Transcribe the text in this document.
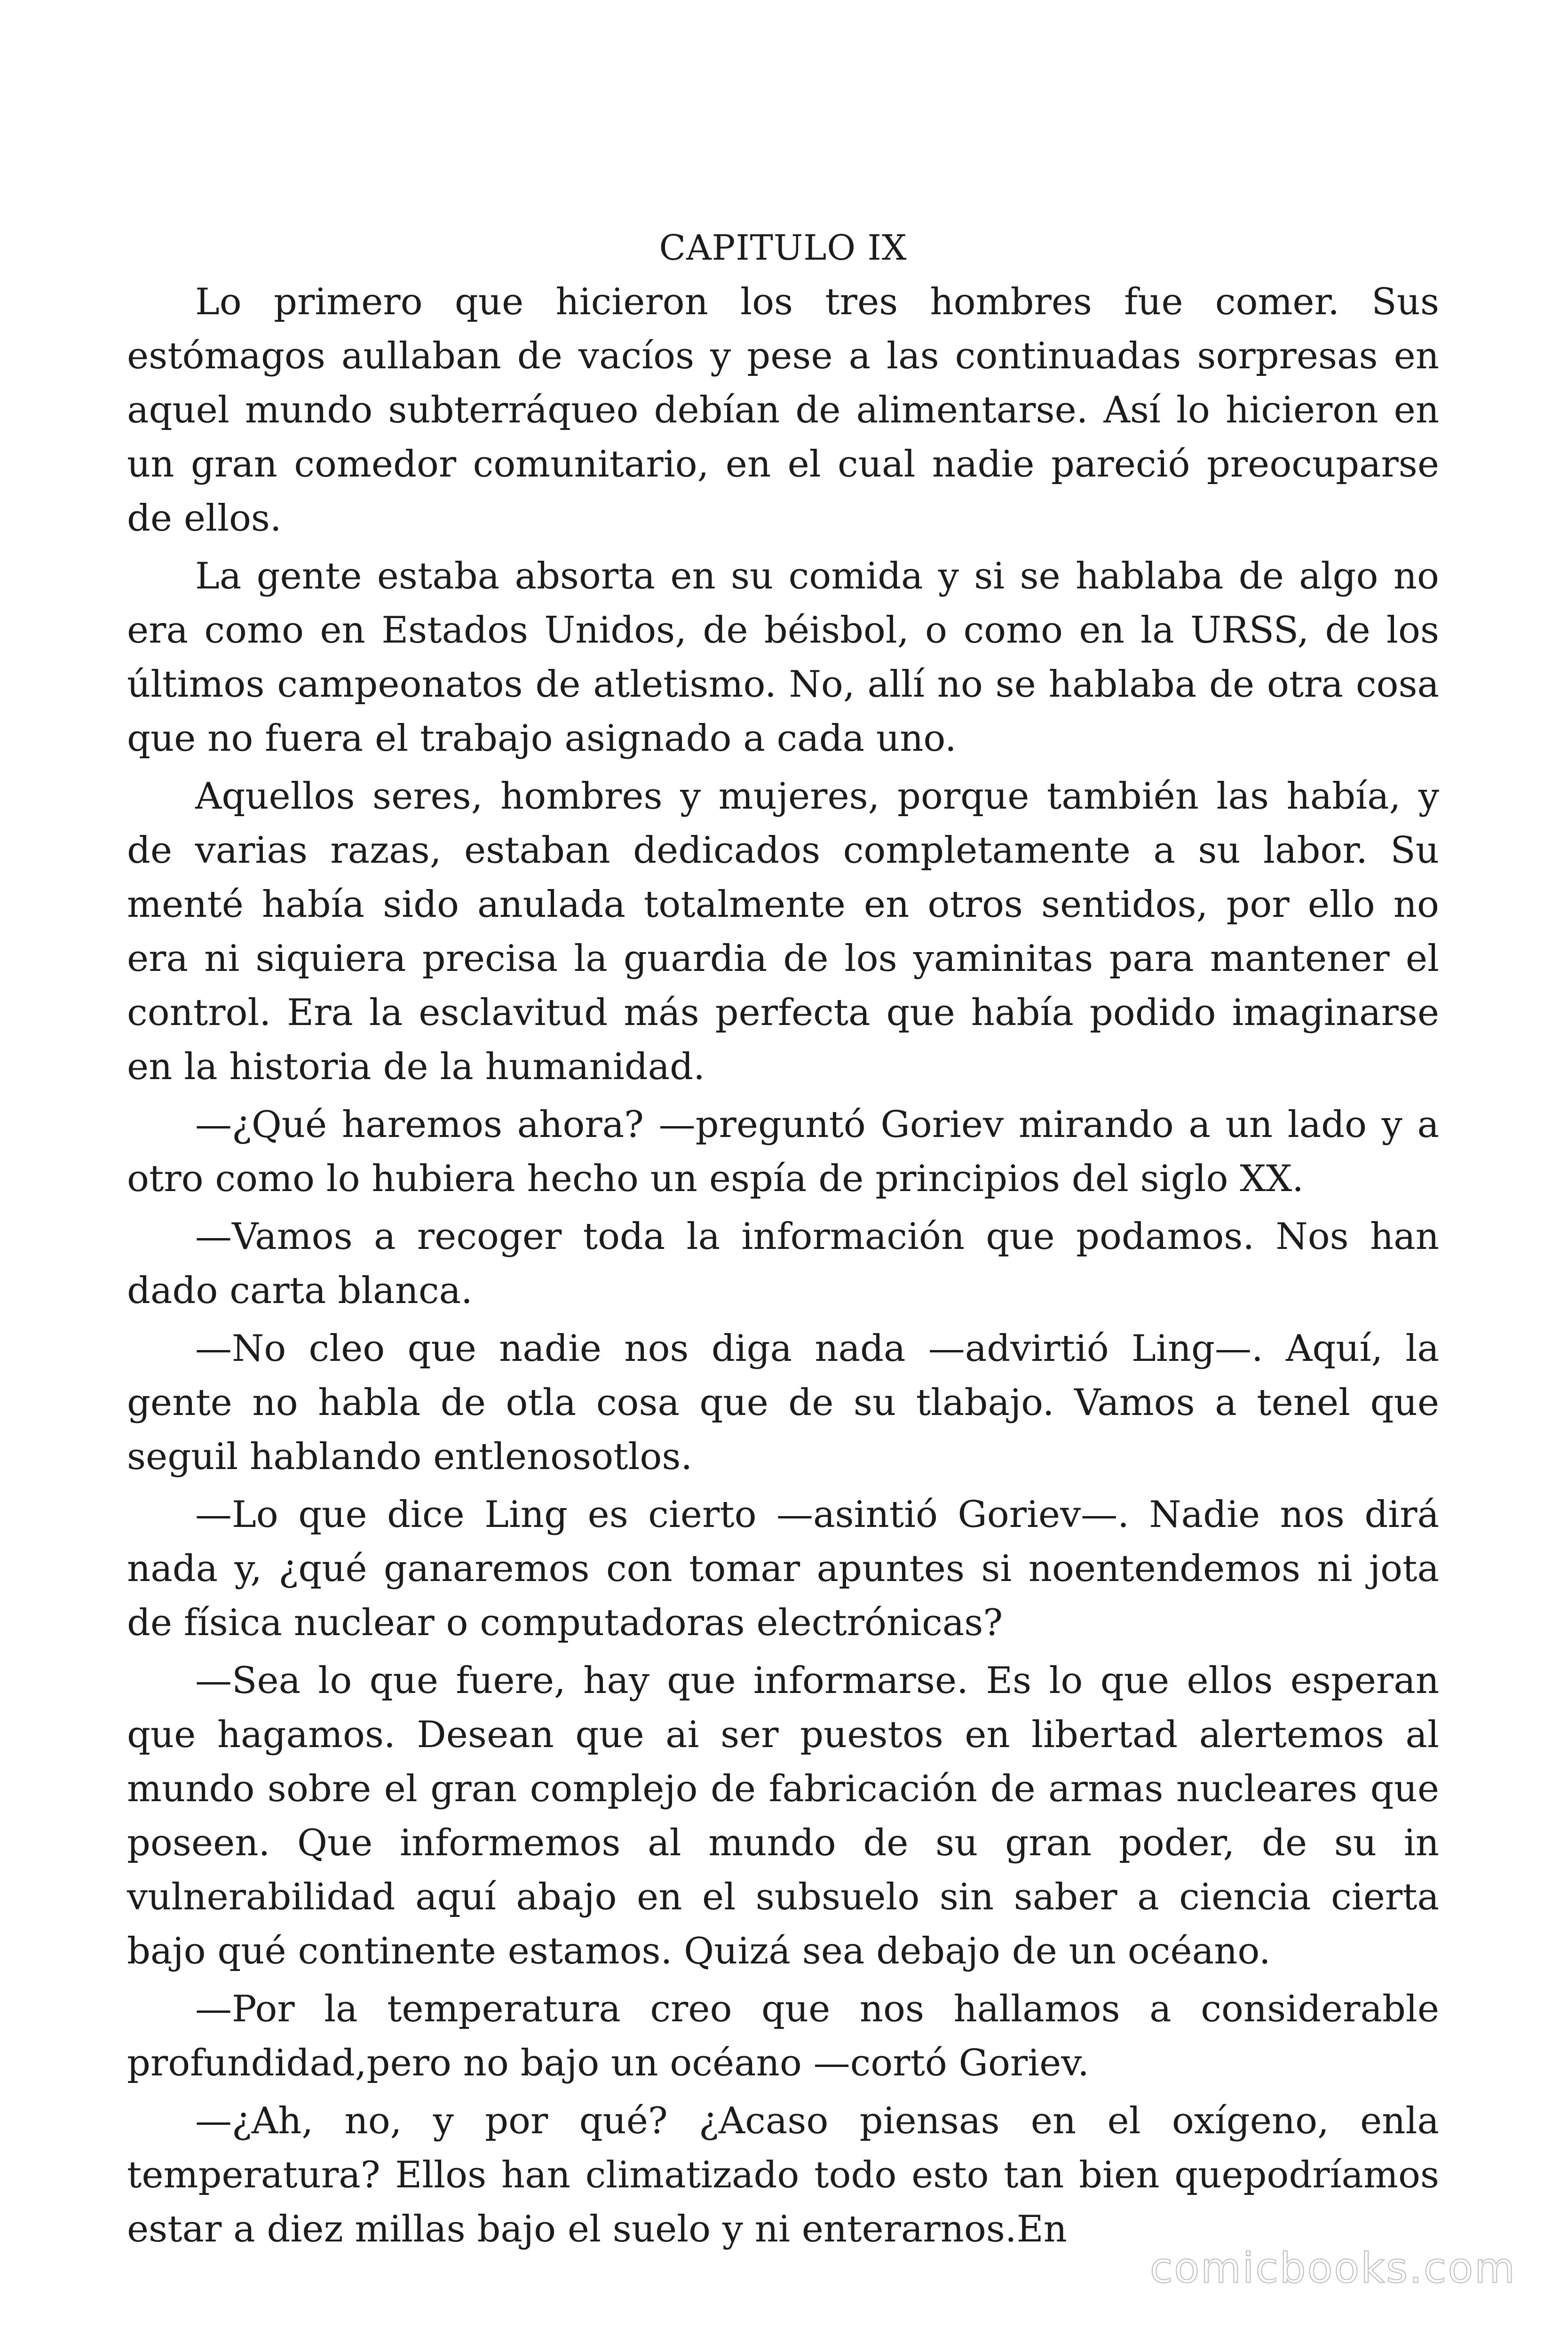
CAPITULO IX

Lo primero que hicieron los tres hombres fue comer. Sus estómagos aullaban de vacíos y pese a las continuadas sorpresas en aquel mundo subterráqueo debían de alimentarse. Así lo hicieron en un gran comedor comunitario, en el cual nadie pareció preocuparse de ellos.

La gente estaba absorta en su comida y si se hablaba de algo no era como en Estados Unidos, de béisbol, o como en la URSS, de los últimos campeonatos de atletismo. No, allí no se hablaba de otra cosa que no fuera el trabajo asignado a cada uno.

Aquellos seres, hombres y mujeres, porque también las había, y de varias razas, estaban dedicados completamente a su labor. Su menté había sido anulada totalmente en otros sentidos, por ello no era ni siquiera precisa la guardia de los yaminitas para mantener el control. Era la esclavitud más perfecta que había podido imaginarse en la historia de la humanidad.

—¿Qué haremos ahora? —preguntó Goriev mirando a un lado y a otro como lo hubiera hecho un espía de principios del siglo XX.

—Vamos a recoger toda la información que podamos. Nos han dado carta blanca.

—No cleo que nadie nos diga nada —advirtió Ling—. Aquí, la gente no habla de otla cosa que de su tlabajo. Vamos a tenel que seguil hablando entlenosotlos.

—Lo que dice Ling es cierto —asintió Goriev—. Nadie nos dirá nada y, ¿qué ganaremos con tomar apuntes si noentendemos ni jota de física nuclear o computadoras electrónicas?

—Sea lo que fuere, hay que informarse. Es lo que ellos esperan que hagamos. Desean que ai ser puestos en libertad alertemos al mundo sobre el gran complejo de fabricación de armas nucleares que poseen. Que informemos al mundo de su gran poder, de su in vulnerabilidad aquí abajo en el subsuelo sin saber a ciencia cierta bajo qué continente estamos. Quizá sea debajo de un océano.

—Por la temperatura creo que nos hallamos a considerable profundidad,pero no bajo un océano —cortó Goriev.

—¿Ah, no, y por qué? ¿Acaso piensas en el oxígeno, enla temperatura? Ellos han climatizado todo esto tan bien quepodríamos estar a diez millas bajo el suelo y ni enterarnos.En

comicbooks.com
